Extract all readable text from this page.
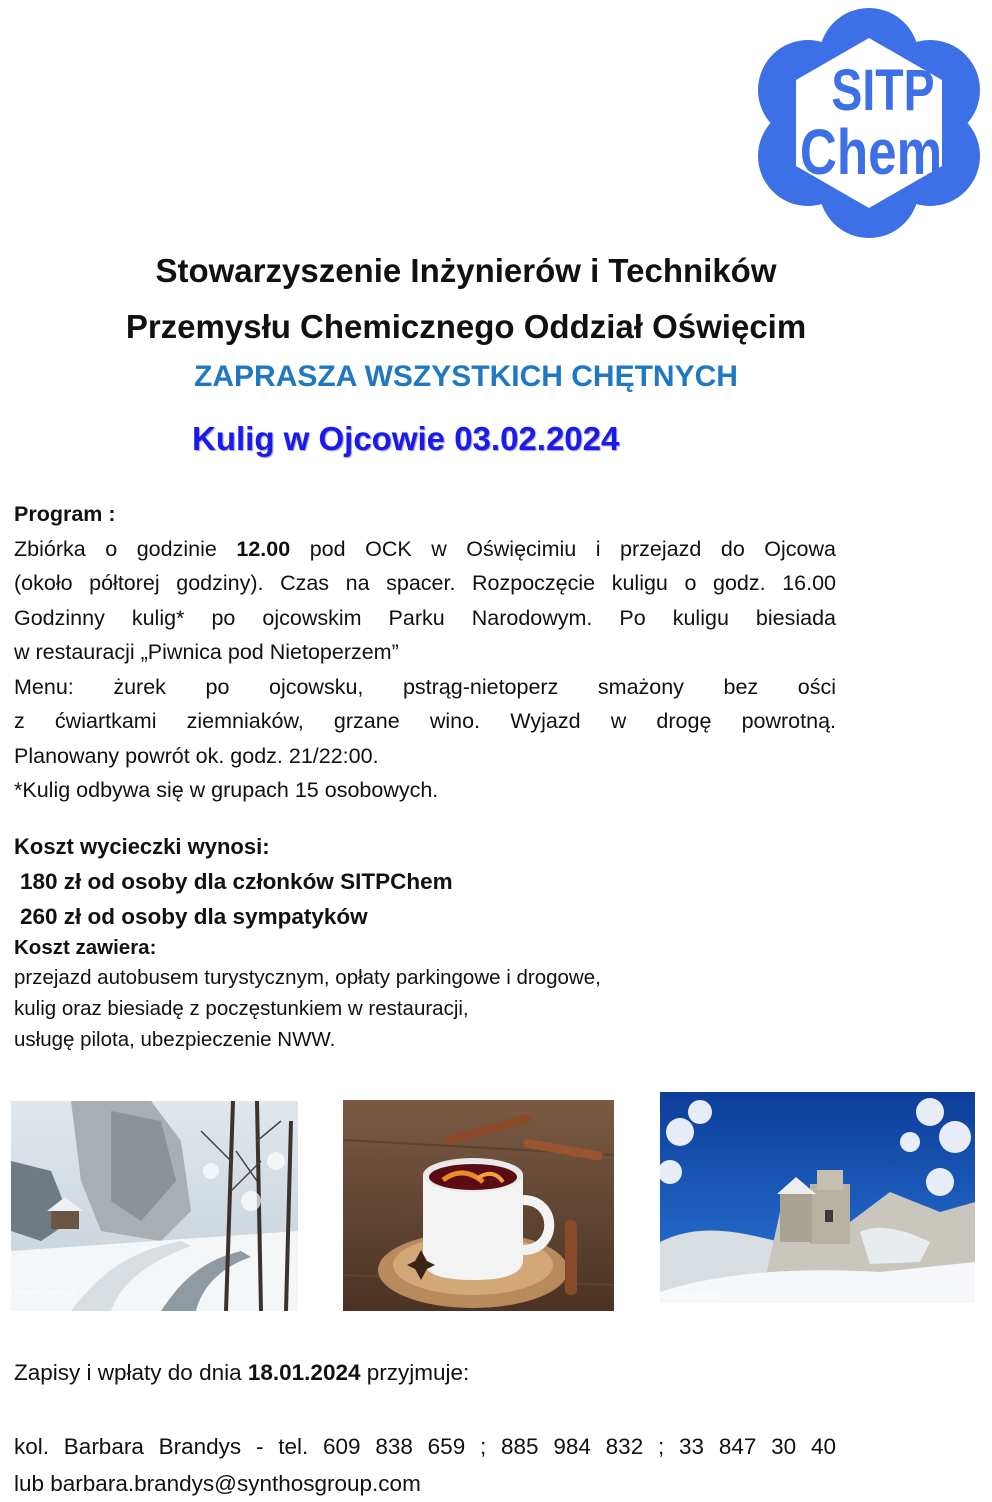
SITP
Chem
Stowarzyszenie Inżynierów i Techników
Przemysłu Chemicznego Oddział Oświęcim
ZAPRASZA WSZYSTKICH CHĘTNYCH
Kulig w Ojcowie 03.02.2024

Program :

Zbiórka o godzinie 12.00 pod OCK w Oświęcimiu i przejazd do Ojcowa

(około półtorej godziny). Czas na spacer. Rozpoczęcie kuligu o godz. 16.00

Godzinny kulig* po ojcowskim Parku Narodowym. Po kuligu biesiada

w restauracji „Piwnica pod Nietoperzem”

Menu: żurek po ojcowsku, pstrąg-nietoperz smażony bez ości

z ćwiartkami ziemniaków, grzane wino. Wyjazd w drogę powrotną.

Planowany powrót ok. godz. 21/22:00.

*Kulig odbywa się w grupach 15 osobowych.

Koszt wycieczki wynosi:
180 zł od osoby dla członków SITPChem
260 zł od osoby dla sympatyków
Koszt zawiera:
przejazd autobusem turystycznym, opłaty parkingowe i drogowe,
kulig oraz biesiadę z poczęstunkiem w restauracji,
usługę pilota, ubezpieczenie NWW.
Polska Po Godzinach	Kobiece podróże
Zapisy i wpłaty do dnia 18.01.2024 przyjmuje:
kol. Barbara Brandys - tel. 609 838 659 ; 885 984 832 ; 33 847 30 40
lub barbara.brandys@synthosgroup.com
